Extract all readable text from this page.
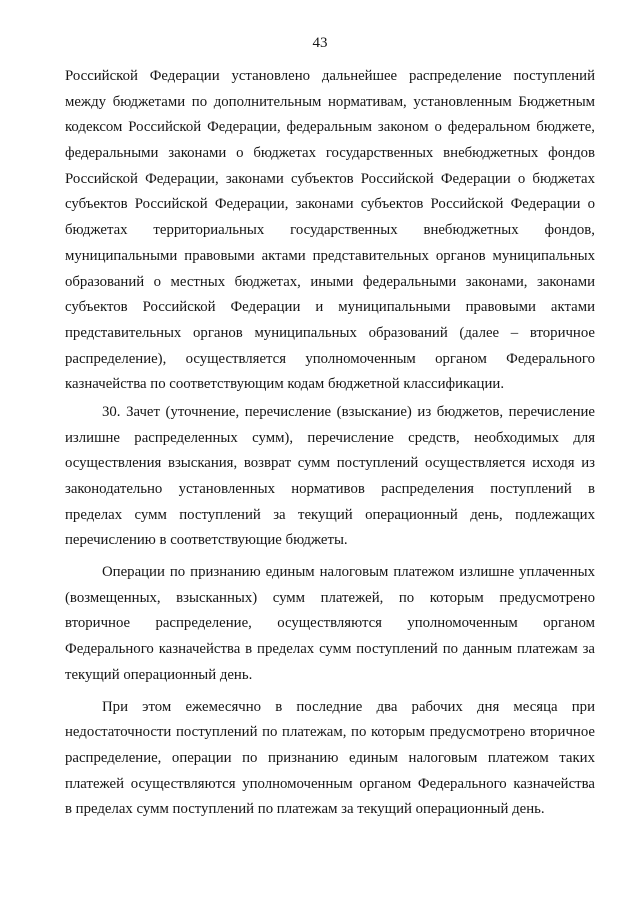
43
Российской Федерации установлено дальнейшее распределение поступлений
между бюджетами по дополнительным нормативам, установленным Бюджетным
кодексом Российской Федерации, федеральным законом о федеральном бюджете,
федеральными законами о бюджетах государственных внебюджетных фондов
Российской Федерации, законами субъектов Российской Федерации о бюджетах
субъектов Российской Федерации, законами субъектов Российской Федерации о
бюджетах территориальных государственных внебюджетных фондов,
муниципальными правовыми актами представительных органов муниципальных
образований о местных бюджетах, иными федеральными законами, законами
субъектов Российской Федерации и муниципальными правовыми актами
представительных органов муниципальных образований (далее – вторичное
распределение), осуществляется уполномоченным органом Федерального
казначейства по соответствующим кодам бюджетной классификации.
30. Зачет (уточнение, перечисление (взыскание) из бюджетов, перечисление
излишне распределенных сумм), перечисление средств, необходимых для
осуществления взыскания, возврат сумм поступлений осуществляется исходя из
законодательно установленных нормативов распределения поступлений в
пределах сумм поступлений за текущий операционный день, подлежащих
перечислению в соответствующие бюджеты.
Операции по признанию единым налоговым платежом излишне уплаченных
(возмещенных, взысканных) сумм платежей, по которым предусмотрено
вторичное распределение, осуществляются уполномоченным органом
Федерального казначейства в пределах сумм поступлений по данным платежам за
текущий операционный день.
При этом ежемесячно в последние два рабочих дня месяца при
недостаточности поступлений по платежам, по которым предусмотрено вторичное
распределение, операции по признанию единым налоговым платежом таких
платежей осуществляются уполномоченным органом Федерального казначейства
в пределах сумм поступлений по платежам за текущий операционный день.
